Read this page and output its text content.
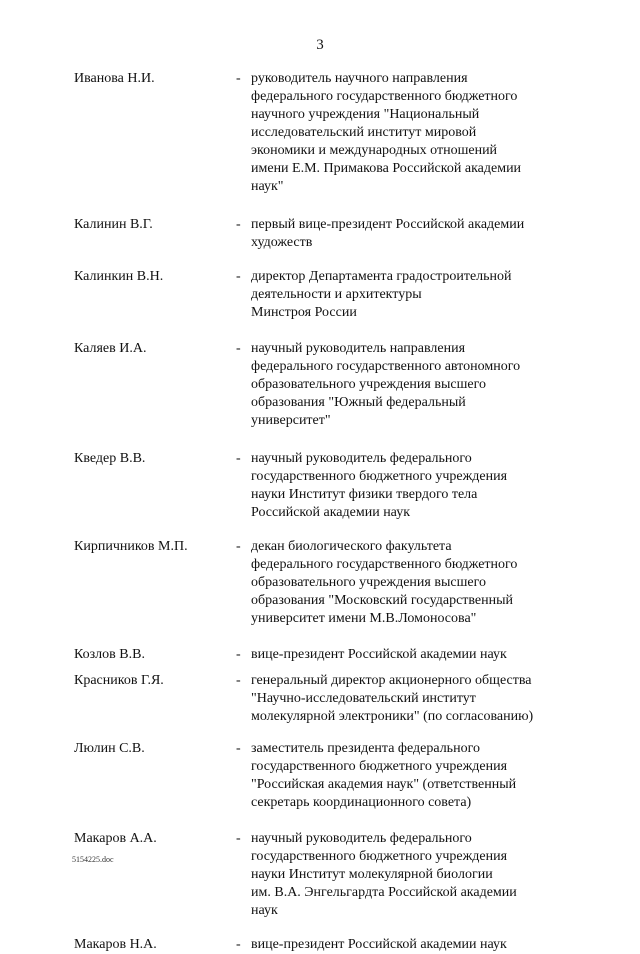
3
Иванова Н.И.	- руководитель научного направления
федерального государственного бюджетного
научного учреждения "Национальный
исследовательский институт мировой
экономики и международных отношений
имени Е.М. Примакова Российской академии
наук"
Калинин В.Г.	- первый вице-президент Российской академии
художеств
Калинкин В.Н.	- директор Департамента градостроительной
деятельности и архитектуры
Минстроя России
Каляев И.А.	- научный руководитель направления
федерального государственного автономного
образовательного учреждения высшего
образования "Южный федеральный
университет"
Кведер В.В.	- научный руководитель федерального
государственного бюджетного учреждения
науки Институт физики твердого тела
Российской академии наук
Кирпичников М.П.	- декан биологического факультета
федерального государственного бюджетного
образовательного учреждения высшего
образования "Московский государственный
университет имени М.В.Ломоносова"
Козлов В.В.	- вице-президент Российской академии наук
Красников Г.Я.	- генеральный директор акционерного общества
"Научно-исследовательский институт
молекулярной электроники" (по согласованию)
Люлин С.В.	- заместитель президента федерального
государственного бюджетного учреждения
"Российская академия наук" (ответственный
секретарь координационного совета)
Макаров А.А.	- научный руководитель федерального
государственного бюджетного учреждения
науки Институт молекулярной биологии
им. В.А. Энгельгардта Российской академии
наук
Макаров Н.А.	- вице-президент Российской академии наук
5154225.doc
